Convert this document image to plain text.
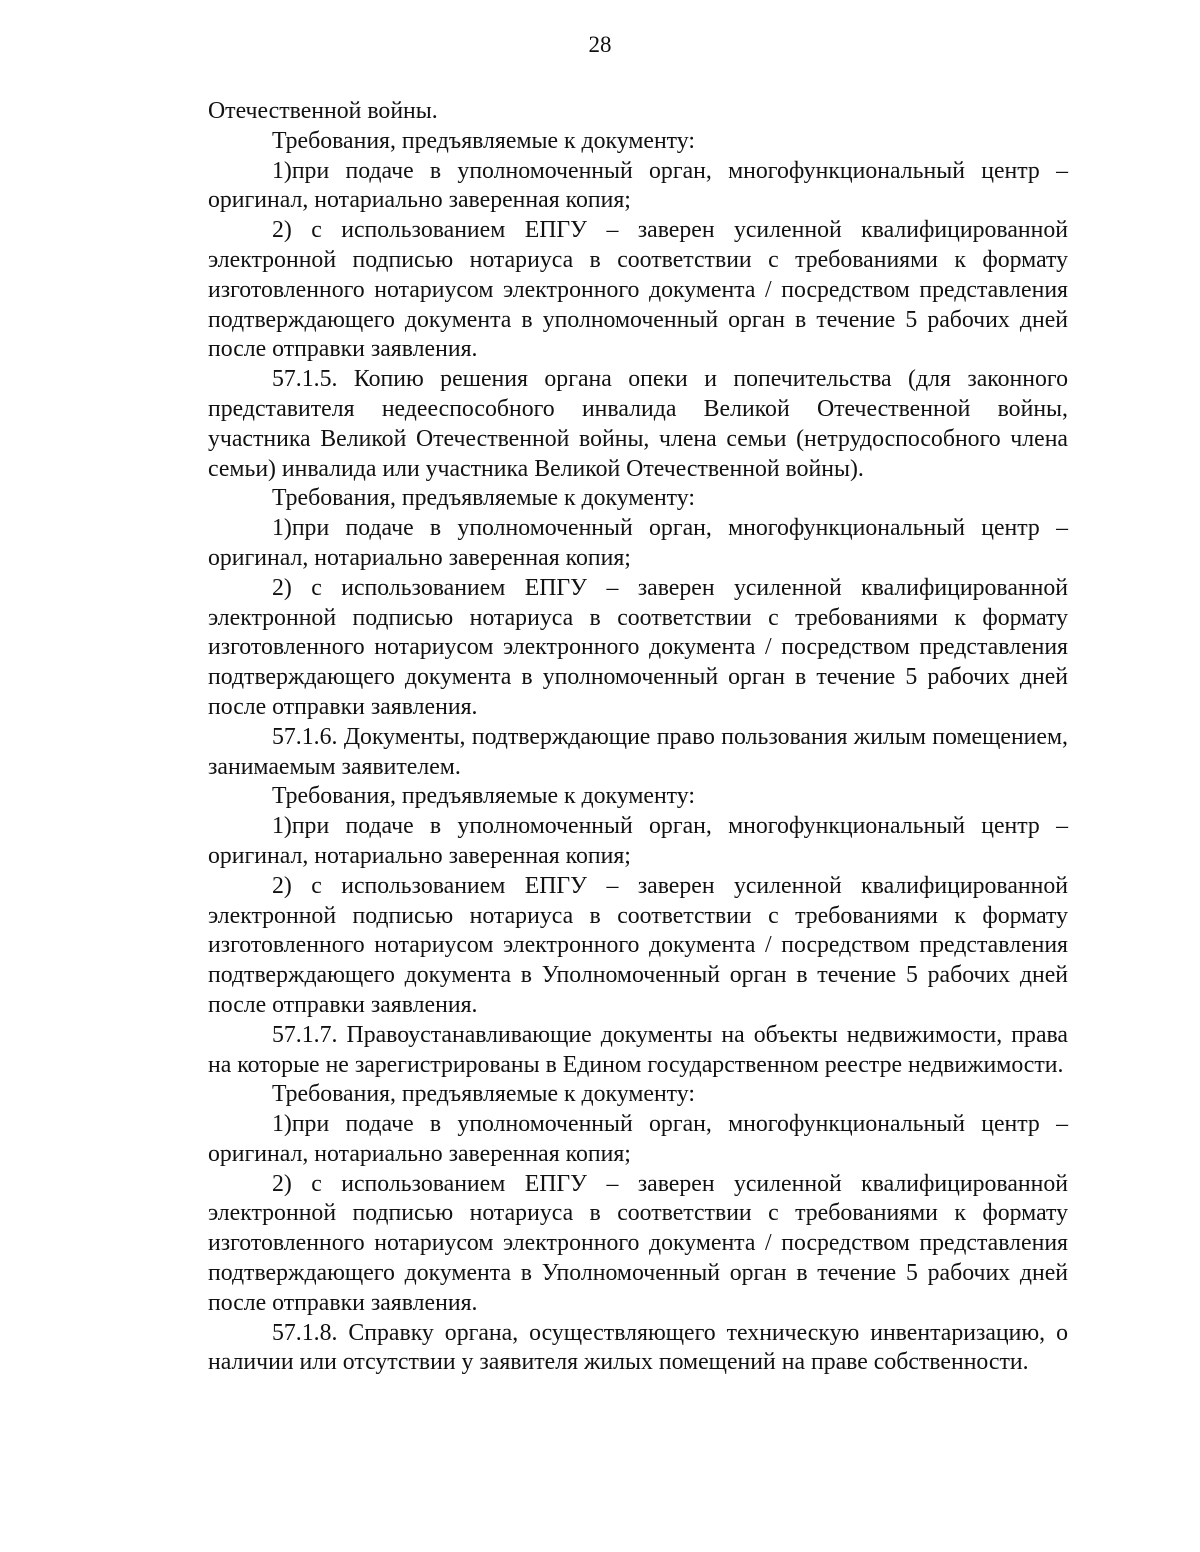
28

Отечественной войны.

Требования, предъявляемые к документу:

1)при подаче в уполномоченный орган, многофункциональный центр – оригинал, нотариально заверенная копия;

2) с использованием ЕПГУ – заверен усиленной квалифицированной электронной подписью нотариуса в соответствии с требованиями к формату изготовленного нотариусом электронного документа / посредством представления подтверждающего документа в уполномоченный орган в течение 5 рабочих дней после отправки заявления.

57.1.5. Копию решения органа опеки и попечительства (для законного представителя недееспособного инвалида Великой Отечественной войны, участника Великой Отечественной войны, члена семьи (нетрудоспособного члена семьи) инвалида или участника Великой Отечественной войны).

Требования, предъявляемые к документу:

1)при подаче в уполномоченный орган, многофункциональный центр – оригинал, нотариально заверенная копия;

2) с использованием ЕПГУ – заверен усиленной квалифицированной электронной подписью нотариуса в соответствии с требованиями к формату изготовленного нотариусом электронного документа / посредством представления подтверждающего документа в уполномоченный орган в течение 5 рабочих дней после отправки заявления.

57.1.6. Документы, подтверждающие право пользования жилым помещением, занимаемым заявителем.

Требования, предъявляемые к документу:

1)при подаче в уполномоченный орган, многофункциональный центр – оригинал, нотариально заверенная копия;

2) с использованием ЕПГУ – заверен усиленной квалифицированной электронной подписью нотариуса в соответствии с требованиями к формату изготовленного нотариусом электронного документа / посредством представления подтверждающего документа в Уполномоченный орган в течение 5 рабочих дней после отправки заявления.

57.1.7. Правоустанавливающие документы на объекты недвижимости, права на которые не зарегистрированы в Едином государственном реестре недвижимости.

Требования, предъявляемые к документу:

1)при подаче в уполномоченный орган, многофункциональный центр – оригинал, нотариально заверенная копия;

2) с использованием ЕПГУ – заверен усиленной квалифицированной электронной подписью нотариуса в соответствии с требованиями к формату изготовленного нотариусом электронного документа / посредством представления подтверждающего документа в Уполномоченный орган в течение 5 рабочих дней после отправки заявления.

57.1.8. Справку органа, осуществляющего техническую инвентаризацию, о наличии или отсутствии у заявителя жилых помещений на праве собственности.
